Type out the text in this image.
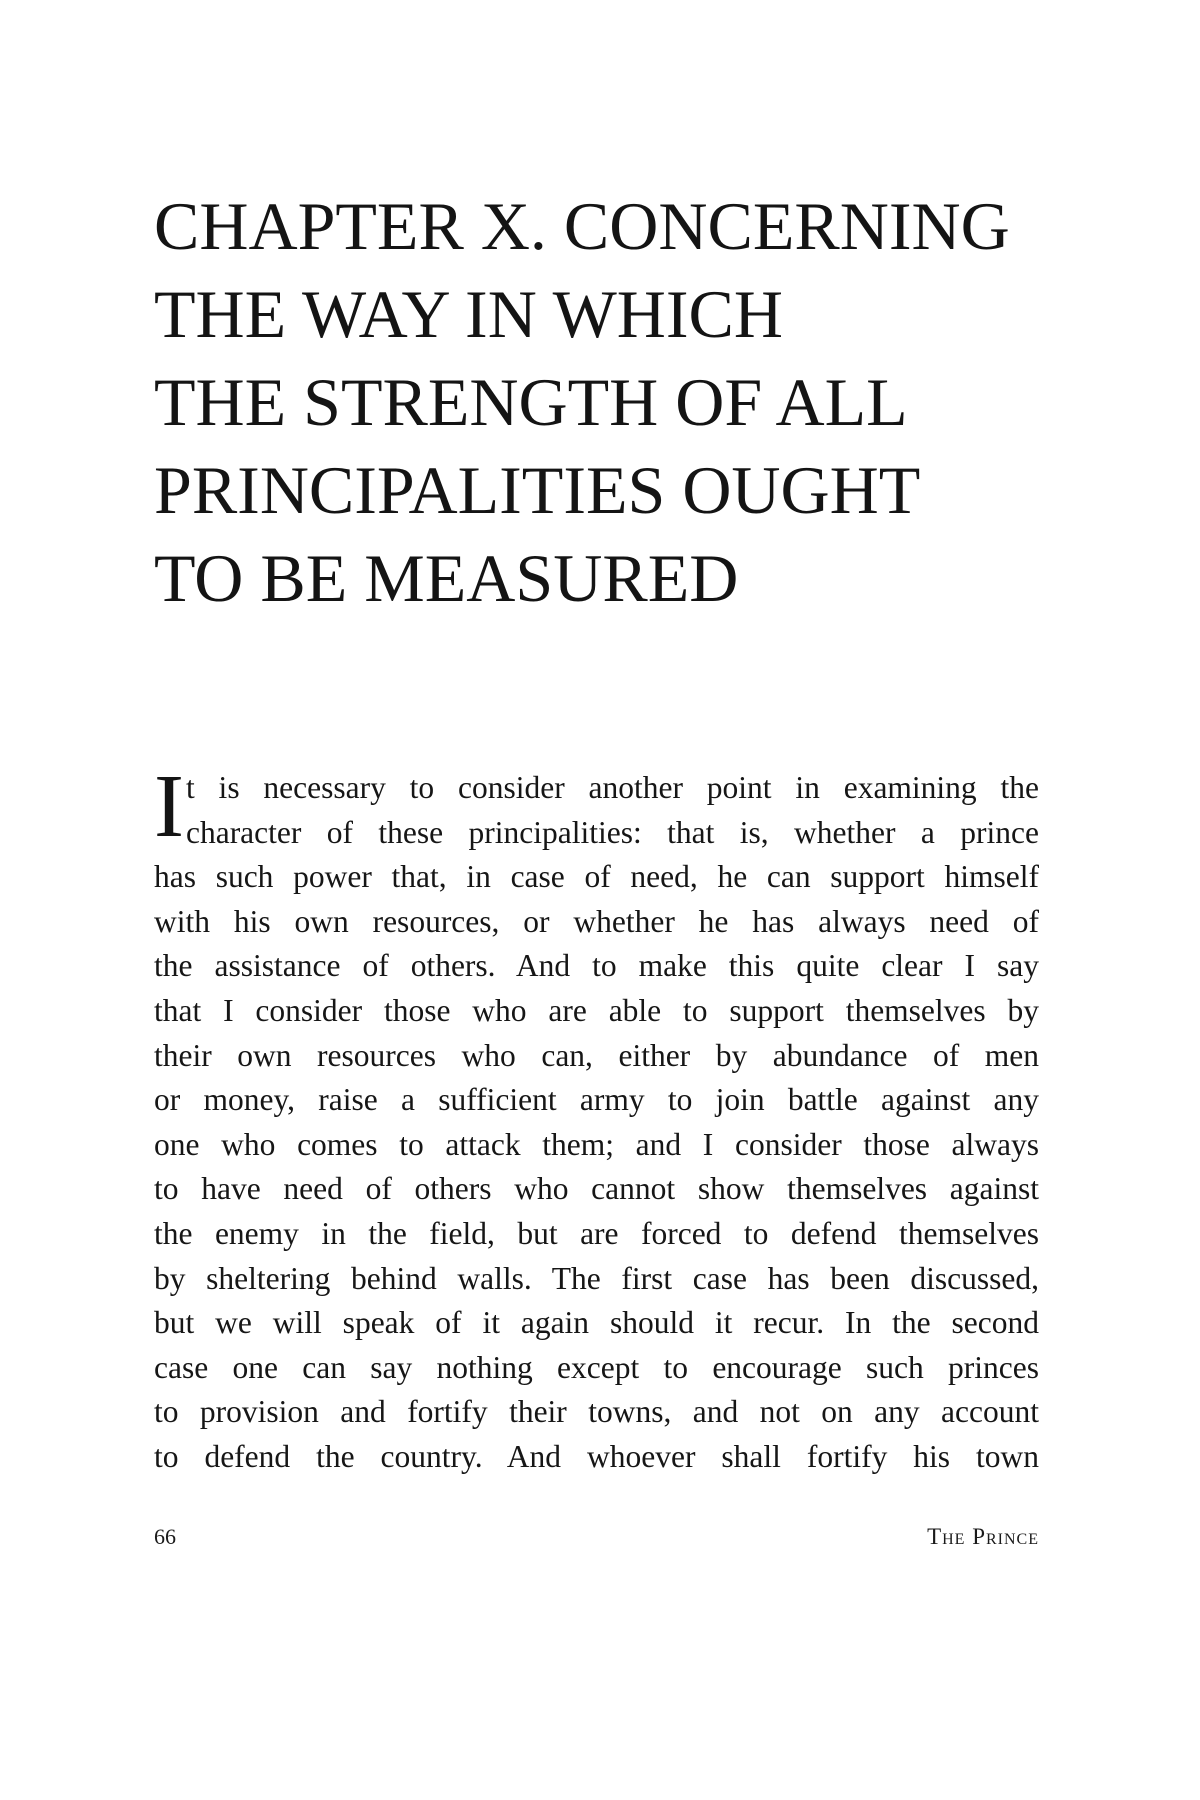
CHAPTER X. CONCERNING
THE WAY IN WHICH
THE STRENGTH OF ALL
PRINCIPALITIES OUGHT
TO BE MEASURED
I t is necessary to consider another point in examining the
character of these principalities: that is, whether a prince
has such power that, in case of need, he can support himself
with his own resources, or whether he has always need of
the assistance of others. And to make this quite clear I say
that I consider those who are able to support themselves by
their own resources who can, either by abundance of men
or money, raise a sufficient army to join battle against any
one who comes to attack them; and I consider those always
to have need of others who cannot show themselves against
the enemy in the field, but are forced to defend themselves
by sheltering behind walls. The first case has been discussed,
but we will speak of it again should it recur. In the second
case one can say nothing except to encourage such princes
to provision and fortify their towns, and not on any account
to defend the country. And whoever shall fortify his town
66	The Prince
